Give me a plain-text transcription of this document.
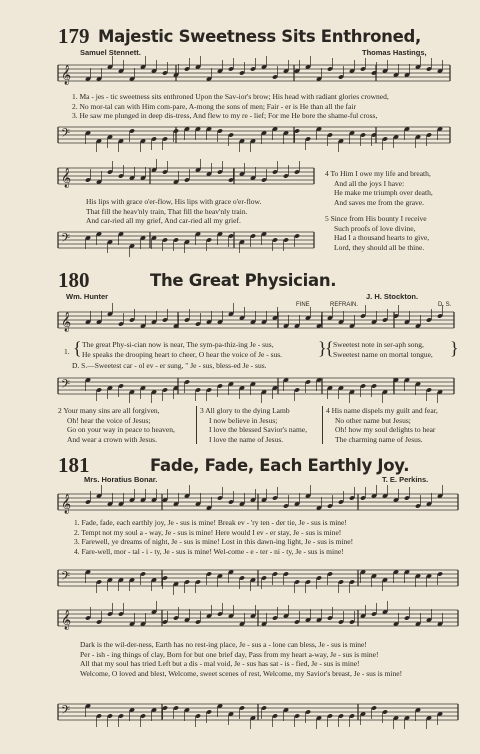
179 Majestic Sweetness Sits Enthroned,
Samuel Stennett.	Thomas Hastings,
𝄞
𝄢
1. Ma - jes - tic sweetness sits enthroned Upon the Sav-ior's brow; His head with radiant glories crowned,
2. No mor-tal can with Him com-pare, A-mong the sons of men; Fair - er is He than all the fair
3. He saw me plunged in deep dis-tress, And flew to my re - lief; For me He bore the shame-ful cross,
𝄞
𝄢
His lips with grace o'er-flow, His lips with grace o'er-flow.
That fill the heav'nly train, That fill the heav'nly train.
And car-ried all my grief, And car-ried all my grief.
4 To Him I owe my life and breath,
And all the joys I have:
He make me triumph over death,
And saves me from the grave.
5 Since from His bounty I receive
Such proofs of love divine,
Had I a thousand hearts to give,
Lord, they should all be thine.
180	The Great Physician.
Wm. Hunter	J. H. Stockton.
FINE	REFRAIN.	D. S.
𝄞
𝄢
1. { The great Phy-si-cian now is near, The sym-pa-thiz-ing Je - sus,
He speaks the drooping heart to cheer, O hear the voice of Je - sus. }
{ Sweetest note in ser-aph song,
Sweetest name on mortal tongue, }
D. S.—Sweetest car - ol ev - er sung, " Je - sus, bless-ed Je - sus.
2 Your many sins are all forgiven,
Oh! hear the voice of Jesus;
Go on your way in peace to heaven,
And wear a crown with Jesus.
3 All glory to the dying Lamb
I now believe in Jesus;
I love the blessed Savior's name,
I love the name of Jesus.
4 His name dispels my guilt and fear,
No other name but Jesus;
Oh! how my soul delights to hear
The charming name of Jesus.
181	Fade, Fade, Each Earthly Joy.
Mrs. Horatius Bonar.	T. E. Perkins.
𝄞
1. Fade, fade, each earthly joy, Je - sus is mine! Break ev - 'ry ten - der tie, Je - sus is mine!
2. Tempt not my soul a - way, Je - sus is mine! Here would I ev - er stay, Je - sus is mine!
3. Farewell, ye dreams of night, Je - sus is mine! Lost in this dawn-ing light, Je - sus is mine!
4. Fare-well, mor - tal - i - ty, Je - sus is mine! Wel-come - e - ter - ni - ty, Je - sus is mine!
𝄢
𝄞
𝄢
Dark is the wil-der-ness, Earth has no rest-ing place, Je - sus a - lone can bless, Je - sus is mine!
Per - ish - ing things of clay, Born for but one brief day, Pass from my heart a-way, Je - sus is mine!
All that my soul has tried Left but a dis - mal void, Je - sus has sat - is - fied, Je - sus is mine!
Welcome, O loved and blest, Welcome, sweet scenes of rest, Welcome, my Savior's breast, Je - sus is mine!
